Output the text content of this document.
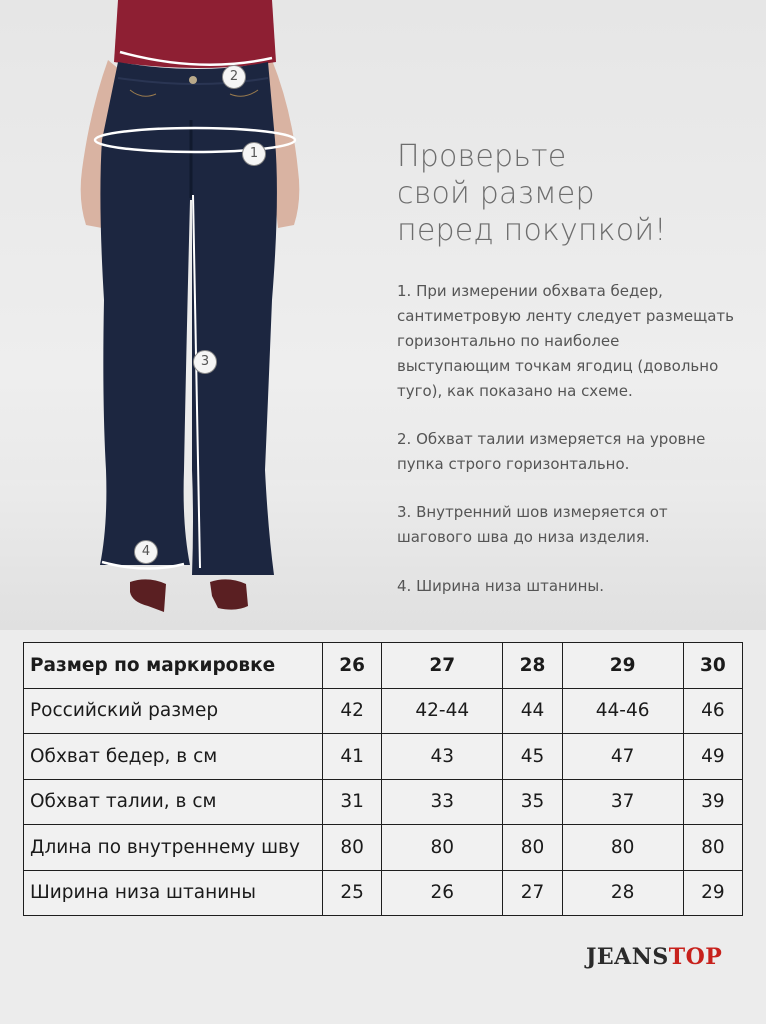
1
2
3
4
Проверьте
свой размер
перед покупкой!
1. При измерении обхвата бедер, сантиметровую ленту следует размещать горизонтально по наиболее выступающим точкам ягодиц (довольно туго), как показано на схеме.
2. Обхват талии измеряется на уровне пупка строго горизонтально.
3. Внутренний шов измеряется от шагового шва до низа изделия.
4. Ширина низа штанины.
Размер по маркировке	26	27	28	29	30
Российский размер	42	42-44	44	44-46	46
Обхват бедер, в см	41	43	45	47	49
Обхват талии, в см	31	33	35	37	39
Длина по внутреннему шву	80	80	80	80	80
Ширина низа штанины	25	26	27	28	29
JEANSTOP
